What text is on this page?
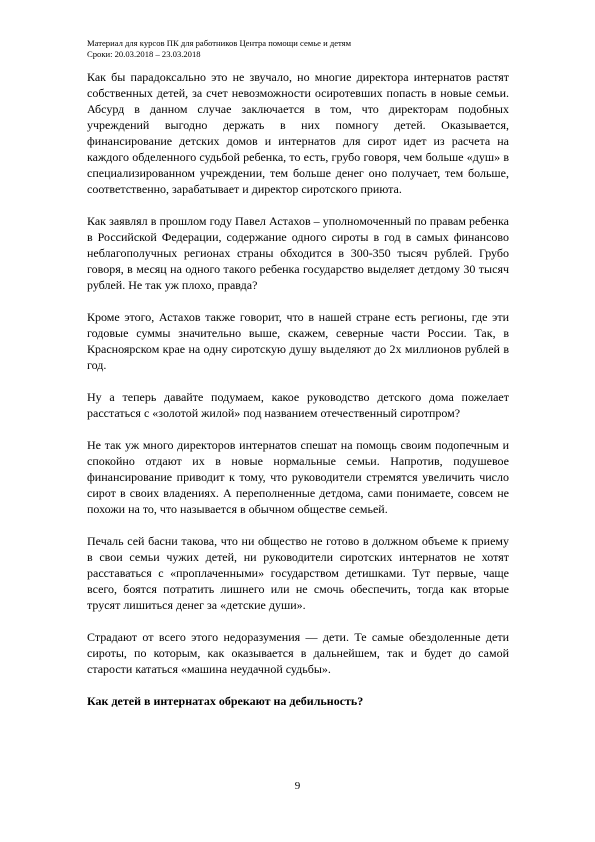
Материал для курсов ПК для работников Центра помощи семье и детям
Сроки: 20.03.2018 – 23.03.2018

Как бы парадоксально это не звучало, но многие директора интернатов растят собственных детей, за счет невозможности осиротевших попасть в новые семьи. Абсурд в данном случае заключается в том, что директорам подобных учреждений выгодно держать в них помногу детей. Оказывается, финансирование детских домов и интернатов для сирот идет из расчета на каждого обделенного судьбой ребенка, то есть, грубо говоря, чем больше «душ» в специализированном учреждении, тем больше денег оно получает, тем больше, соответственно, зарабатывает и директор сиротского приюта.

Как заявлял в прошлом году Павел Астахов – уполномоченный по правам ребенка в Российской Федерации, содержание одного сироты в год в самых финансово неблагополучных регионах страны обходится в 300-350 тысяч рублей. Грубо говоря, в месяц на одного такого ребенка государство выделяет детдому 30 тысяч рублей. Не так уж плохо, правда?

Кроме этого, Астахов также говорит, что в нашей стране есть регионы, где эти годовые суммы значительно выше, скажем, северные части России. Так, в Красноярском крае на одну сиротскую душу выделяют до 2х миллионов рублей в год.

Ну а теперь давайте подумаем, какое руководство детского дома пожелает расстаться с «золотой жилой» под названием отечественный сиротпром?

Не так уж много директоров интернатов спешат на помощь своим подопечным и спокойно отдают их в новые нормальные семьи. Напротив, подушевое финансирование приводит к тому, что руководители стремятся увеличить число сирот в своих владениях. А переполненные детдома, сами понимаете, совсем не похожи на то, что называется в обычном обществе семьей.

Печаль сей басни такова, что ни общество не готово в должном объеме к приему в свои семьи чужих детей, ни руководители сиротских интернатов не хотят расставаться с «проплаченными» государством детишками. Тут первые, чаще всего, боятся потратить лишнего или не смочь обеспечить, тогда как вторые трусят лишиться денег за «детские души».

Страдают от всего этого недоразумения — дети. Те самые обездоленные дети сироты, по которым, как оказывается в дальнейшем, так и будет до самой старости кататься «машина неудачной судьбы».

Как детей в интернатах обрекают на дебильность?
9
